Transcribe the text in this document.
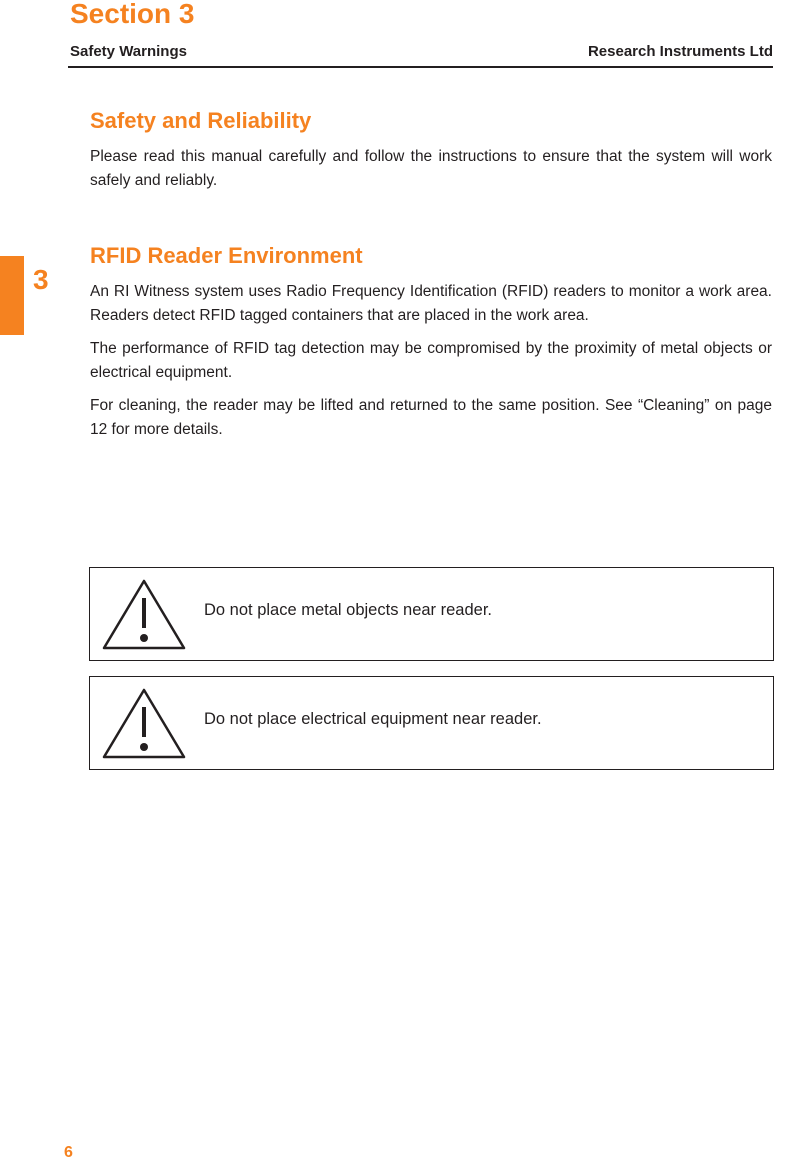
Section 3
Safety Warnings	Research Instruments Ltd
3
Safety and Reliability

Please read this manual carefully and follow the instructions to ensure that the system will work safely and reliably.

RFID Reader Environment

An RI Witness system uses Radio Frequency Identification (RFID) readers to monitor a work area. Readers detect RFID tagged containers that are placed in the work area.

The performance of RFID tag detection may be compromised by the proximity of metal objects or electrical equipment.

For cleaning, the reader may be lifted and returned to the same position. See “Cleaning” on page 12 for more details.

Do not place metal objects near reader.
Do not place electrical equipment near reader.
6
